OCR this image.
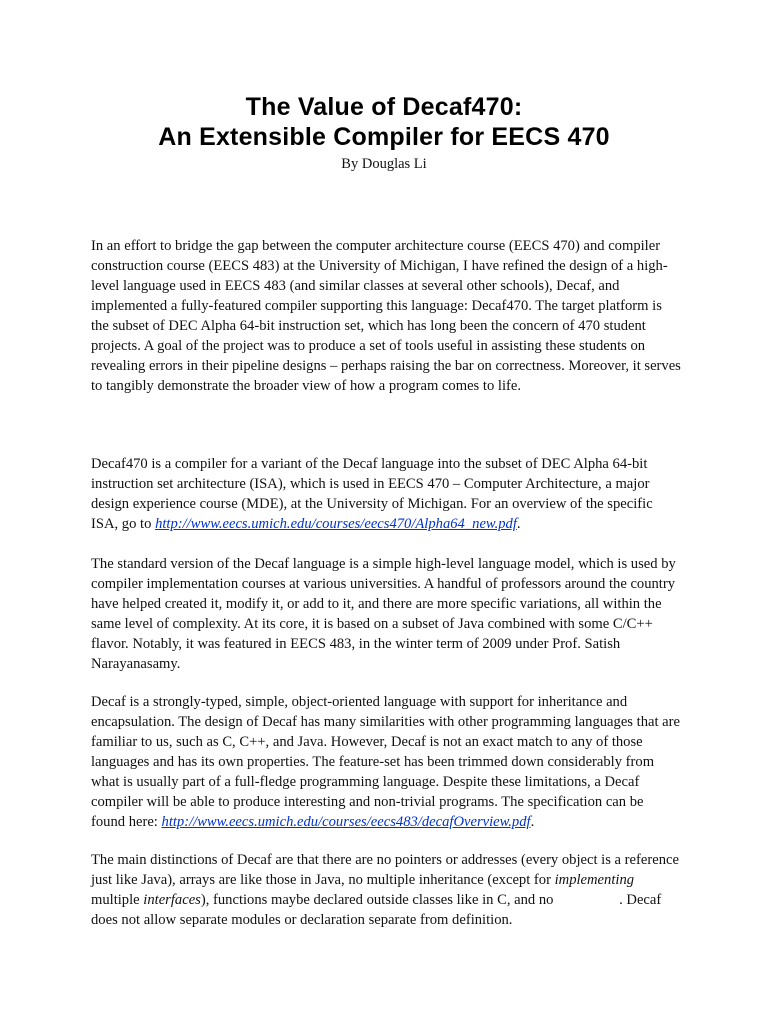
The Value of Decaf470:
An Extensible Compiler for EECS 470
By Douglas Li

In an effort to bridge the gap between the computer architecture course (EECS 470) and compiler construction course (EECS 483) at the University of Michigan, I have refined the design of a high-level language used in EECS 483 (and similar classes at several other schools), Decaf, and implemented a fully-featured compiler supporting this language: Decaf470. The target platform is the subset of DEC Alpha 64-bit instruction set, which has long been the concern of 470 student projects. A goal of the project was to produce a set of tools useful in assisting these students on revealing errors in their pipeline designs – perhaps raising the bar on correctness. Moreover, it serves to tangibly demonstrate the broader view of how a program comes to life.

Decaf470 is a compiler for a variant of the Decaf language into the subset of DEC Alpha 64-bit instruction set architecture (ISA), which is used in EECS 470 – Computer Architecture, a major design experience course (MDE), at the University of Michigan. For an overview of the specific ISA, go to http://www.eecs.umich.edu/courses/eecs470/Alpha64_new.pdf.

The standard version of the Decaf language is a simple high-level language model, which is used by compiler implementation courses at various universities. A handful of professors around the country have helped created it, modify it, or add to it, and there are more specific variations, all within the same level of complexity. At its core, it is based on a subset of Java combined with some C/C++ flavor. Notably, it was featured in EECS 483, in the winter term of 2009 under Prof. Satish Narayanasamy.

Decaf is a strongly-typed, simple, object-oriented language with support for inheritance and encapsulation. The design of Decaf has many similarities with other programming languages that are familiar to us, such as C, C++, and Java. However, Decaf is not an exact match to any of those languages and has its own properties. The feature-set has been trimmed down considerably from what is usually part of a full-fledge programming language. Despite these limitations, a Decaf compiler will be able to produce interesting and non-trivial programs. The specification can be found here: http://www.eecs.umich.edu/courses/eecs483/decafOverview.pdf.

The main distinctions of Decaf are that there are no pointers or addresses (every object is a reference just like Java), arrays are like those in Java, no multiple inheritance (except for implementing multiple interfaces), functions maybe declared outside classes like in C, and no	. Decaf does not allow separate modules or declaration separate from definition.
